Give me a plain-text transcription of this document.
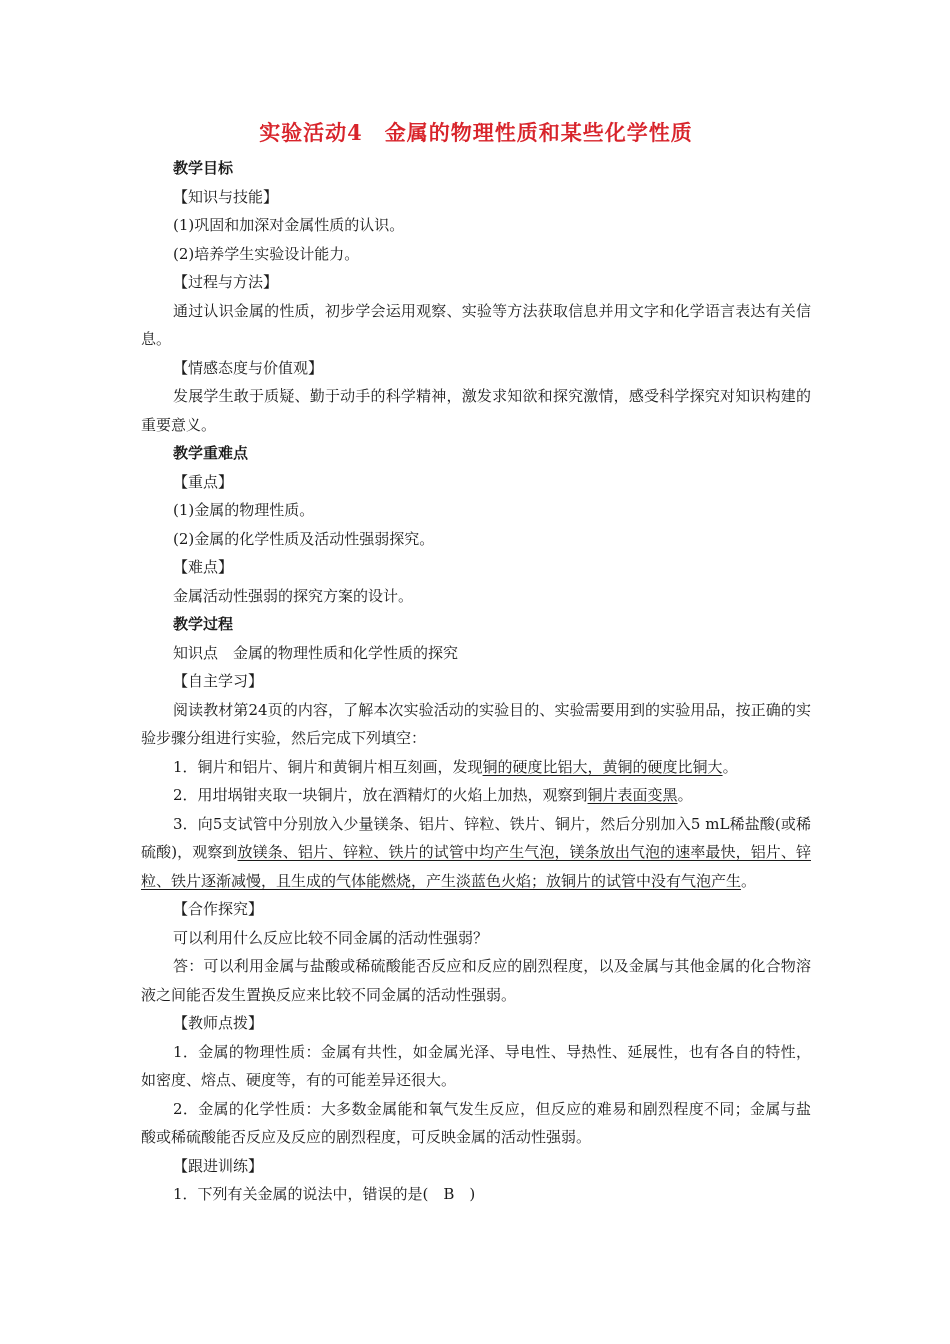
实验活动4　金属的物理性质和某些化学性质

教学目标

【知识与技能】

(1)巩固和加深对金属性质的认识。

(2)培养学生实验设计能力。

【过程与方法】

通过认识金属的性质，初步学会运用观察、实验等方法获取信息并用文字和化学语言表达有关信息。

【情感态度与价值观】

发展学生敢于质疑、勤于动手的科学精神，激发求知欲和探究激情，感受科学探究对知识构建的重要意义。

教学重难点

【重点】

(1)金属的物理性质。

(2)金属的化学性质及活动性强弱探究。

【难点】

金属活动性强弱的探究方案的设计。

教学过程

知识点　金属的物理性质和化学性质的探究

【自主学习】

阅读教材第24页的内容，了解本次实验活动的实验目的、实验需要用到的实验用品，按正确的实验步骤分组进行实验，然后完成下列填空：

1．铜片和铝片、铜片和黄铜片相互刻画，发现铜的硬度比铝大，黄铜的硬度比铜大。

2．用坩埚钳夹取一块铜片，放在酒精灯的火焰上加热，观察到铜片表面变黑。

3．向5支试管中分别放入少量镁条、铝片、锌粒、铁片、铜片，然后分别加入5 mL稀盐酸(或稀硫酸)，观察到放镁条、铝片、锌粒、铁片的试管中均产生气泡，镁条放出气泡的速率最快，铝片、锌粒、铁片逐渐减慢，且生成的气体能燃烧，产生淡蓝色火焰；放铜片的试管中没有气泡产生。

【合作探究】

可以利用什么反应比较不同金属的活动性强弱？

答：可以利用金属与盐酸或稀硫酸能否反应和反应的剧烈程度，以及金属与其他金属的化合物溶液之间能否发生置换反应来比较不同金属的活动性强弱。

【教师点拨】

1．金属的物理性质：金属有共性，如金属光泽、导电性、导热性、延展性，也有各自的特性，如密度、熔点、硬度等，有的可能差异还很大。

2．金属的化学性质：大多数金属能和氧气发生反应，但反应的难易和剧烈程度不同；金属与盐酸或稀硫酸能否反应及反应的剧烈程度，可反映金属的活动性强弱。

【跟进训练】

1．下列有关金属的说法中，错误的是(　B　)
